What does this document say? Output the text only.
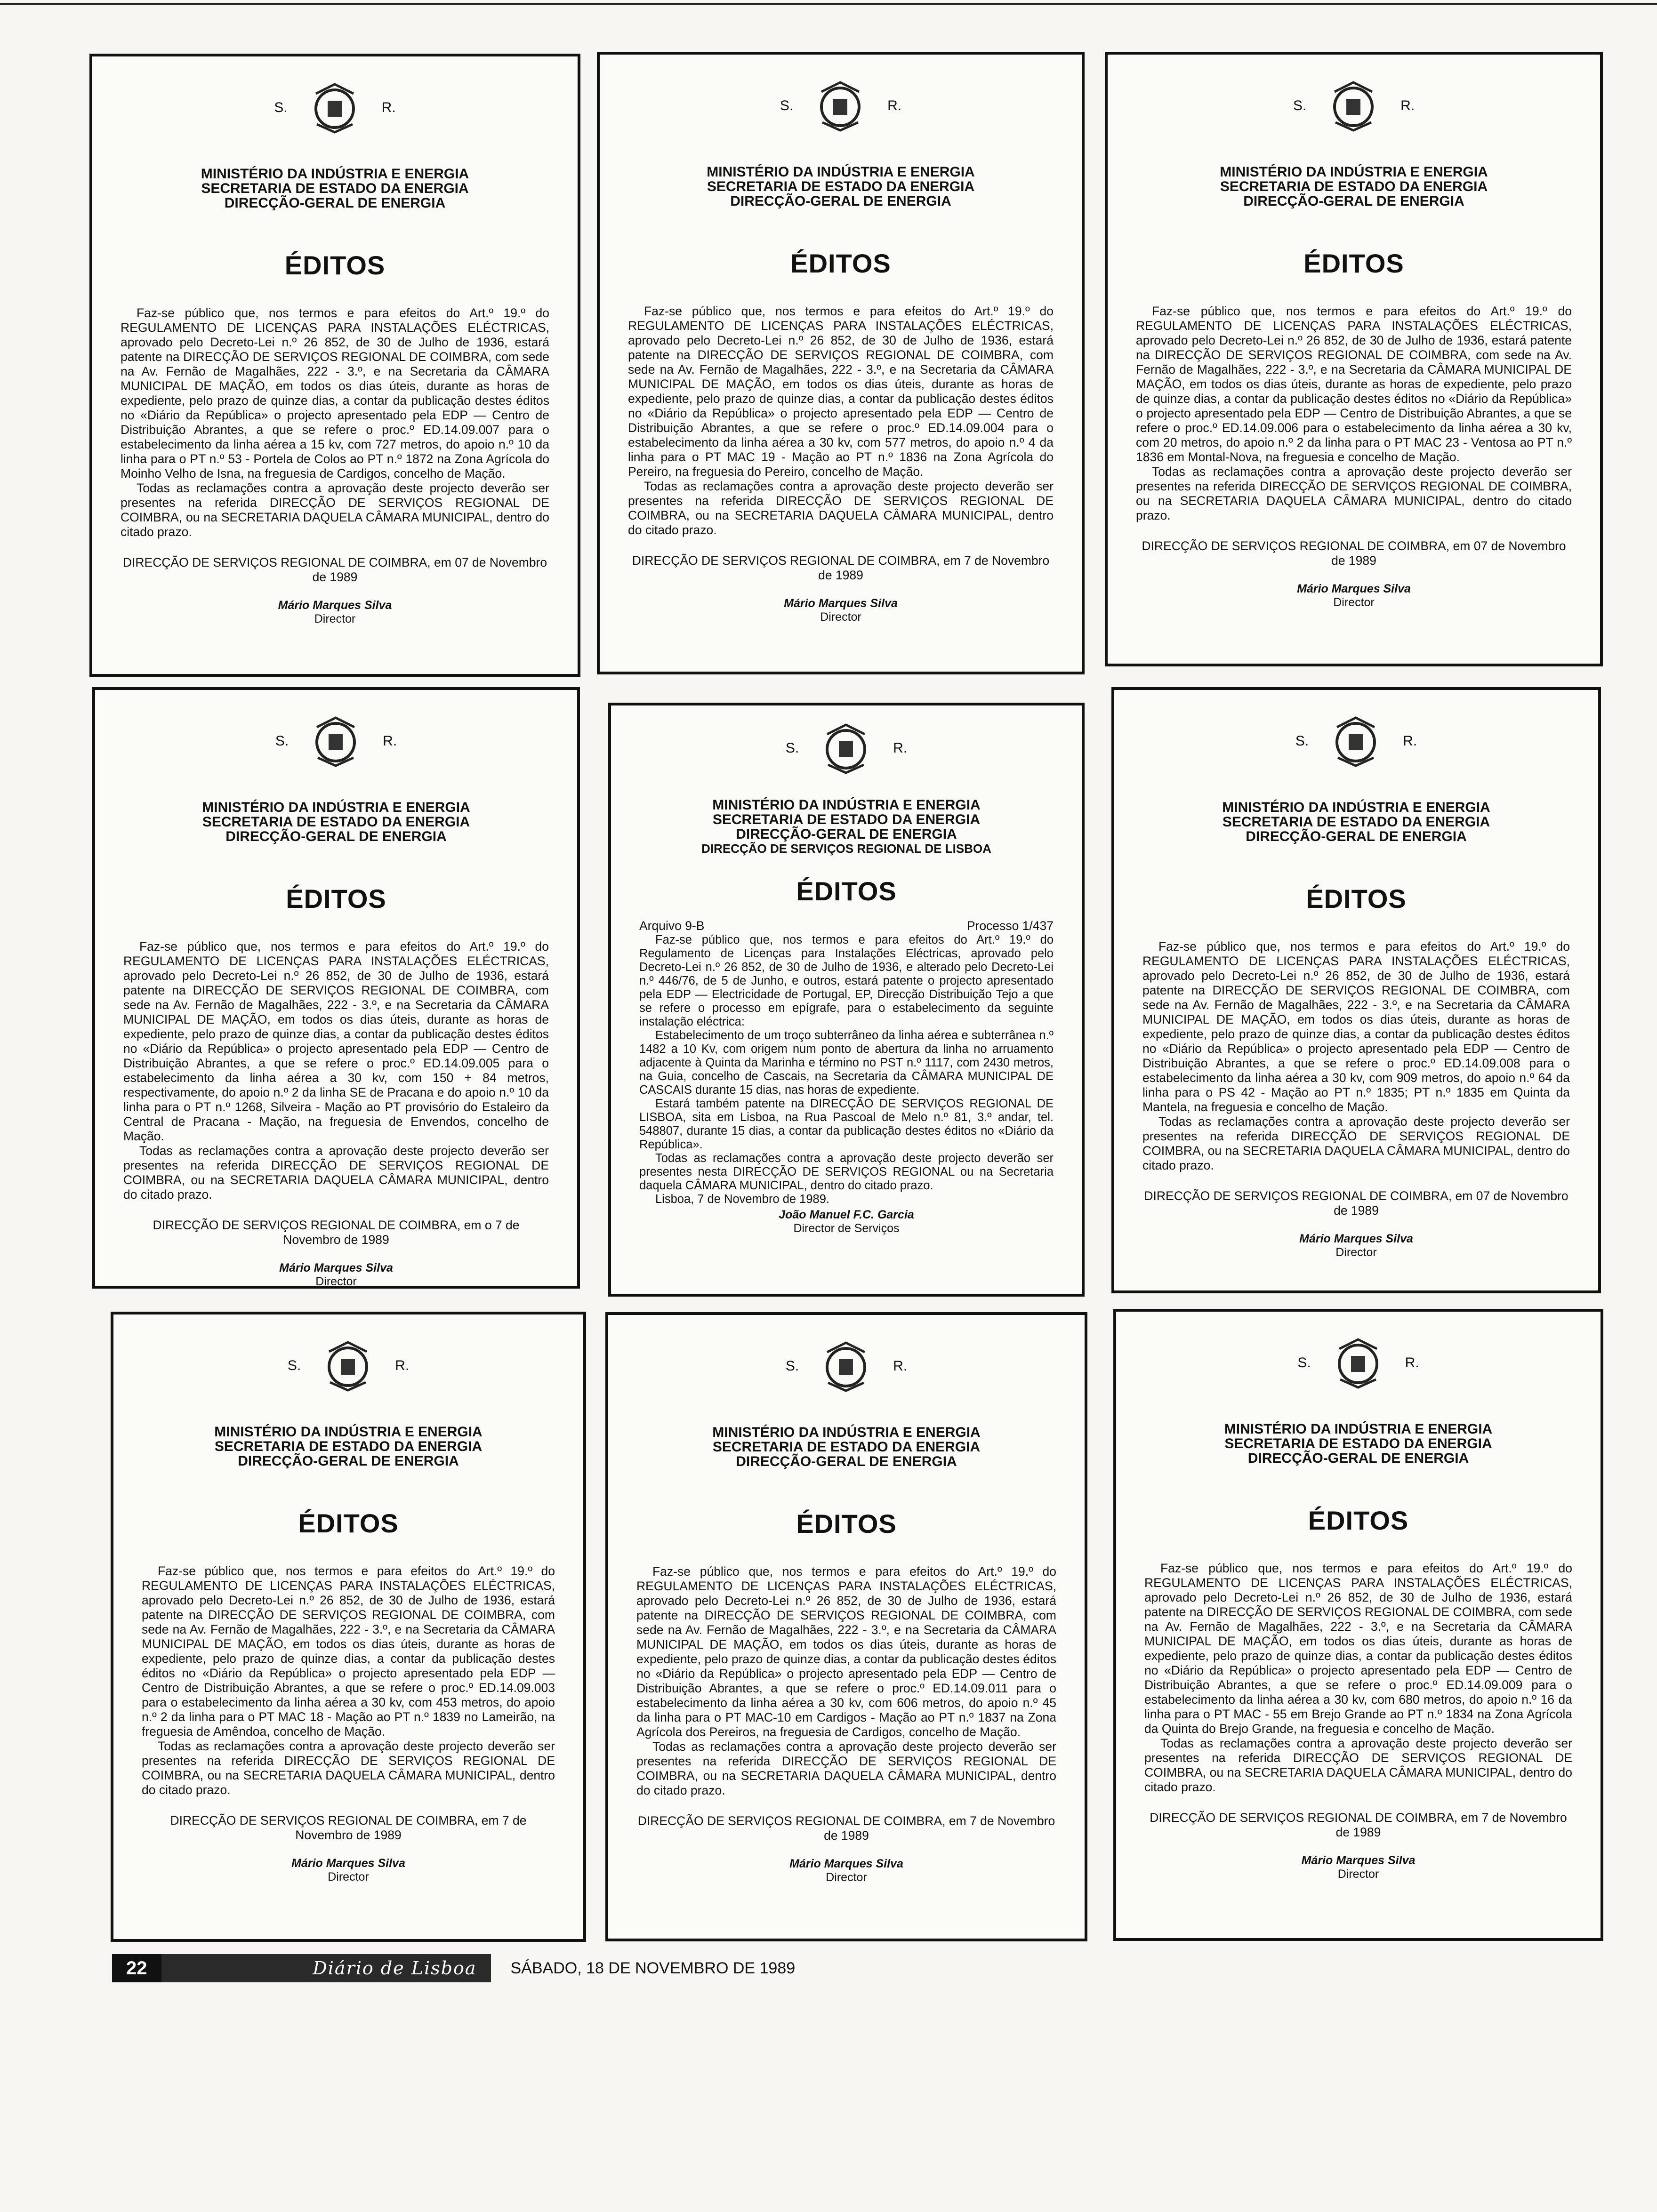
S.	R.
MINISTÉRIO DA INDÚSTRIA E ENERGIA
SECRETARIA DE ESTADO DA ENERGIA
DIRECÇÃO-GERAL DE ENERGIA
ÉDITOS

Faz-se público que, nos termos e para efeitos do Art.º 19.º do REGULAMENTO DE LICENÇAS PARA INSTALAÇÕES ELÉCTRICAS, aprovado pelo Decreto-Lei n.º 26 852, de 30 de Julho de 1936, estará patente na DIRECÇÃO DE SERVIÇOS REGIONAL DE COIMBRA, com sede na Av. Fernão de Magalhães, 222 - 3.º, e na Secretaria da CÂMARA MUNICIPAL DE MAÇÃO, em todos os dias úteis, durante as horas de expediente, pelo prazo de quinze dias, a contar da publicação destes éditos no «Diário da República» o projecto apresentado pela EDP — Centro de Distribuição Abrantes, a que se refere o proc.º ED.14.09.007 para o estabelecimento da linha aérea a 15 kv, com 727 metros, do apoio n.º 10 da linha para o PT n.º 53 - Portela de Colos ao PT n.º 1872 na Zona Agrícola do Moinho Velho de Isna, na freguesia de Cardigos, concelho de Mação.

Todas as reclamações contra a aprovação deste projecto deverão ser presentes na referida DIRECÇÃO DE SERVIÇOS REGIONAL DE COIMBRA, ou na SECRETARIA DAQUELA CÂMARA MUNICIPAL, dentro do citado prazo.

DIRECÇÃO DE SERVIÇOS REGIONAL DE COIMBRA, em 07 de Novembro de 1989
Mário Marques Silva
Director
S.	R.
MINISTÉRIO DA INDÚSTRIA E ENERGIA
SECRETARIA DE ESTADO DA ENERGIA
DIRECÇÃO-GERAL DE ENERGIA
ÉDITOS

Faz-se público que, nos termos e para efeitos do Art.º 19.º do REGULAMENTO DE LICENÇAS PARA INSTALAÇÕES ELÉCTRICAS, aprovado pelo Decreto-Lei n.º 26 852, de 30 de Julho de 1936, estará patente na DIRECÇÃO DE SERVIÇOS REGIONAL DE COIMBRA, com sede na Av. Fernão de Magalhães, 222 - 3.º, e na Secretaria da CÂMARA MUNICIPAL DE MAÇÃO, em todos os dias úteis, durante as horas de expediente, pelo prazo de quinze dias, a contar da publicação destes éditos no «Diário da República» o projecto apresentado pela EDP — Centro de Distribuição Abrantes, a que se refere o proc.º ED.14.09.004 para o estabelecimento da linha aérea a 30 kv, com 577 metros, do apoio n.º 4 da linha para o PT MAC 19 - Mação ao PT n.º 1836 na Zona Agrícola do Pereiro, na freguesia do Pereiro, concelho de Mação.

Todas as reclamações contra a aprovação deste projecto deverão ser presentes na referida DIRECÇÃO DE SERVIÇOS REGIONAL DE COIMBRA, ou na SECRETARIA DAQUELA CÂMARA MUNICIPAL, dentro do citado prazo.

DIRECÇÃO DE SERVIÇOS REGIONAL DE COIMBRA, em 7 de Novembro de 1989
Mário Marques Silva
Director
S.	R.
MINISTÉRIO DA INDÚSTRIA E ENERGIA
SECRETARIA DE ESTADO DA ENERGIA
DIRECÇÃO-GERAL DE ENERGIA
ÉDITOS

Faz-se público que, nos termos e para efeitos do Art.º 19.º do REGULAMENTO DE LICENÇAS PARA INSTALAÇÕES ELÉCTRICAS, aprovado pelo Decreto-Lei n.º 26 852, de 30 de Julho de 1936, estará patente na DIRECÇÃO DE SERVIÇOS REGIONAL DE COIMBRA, com sede na Av. Fernão de Magalhães, 222 - 3.º, e na Secretaria da CÂMARA MUNICIPAL DE MAÇÃO, em todos os dias úteis, durante as horas de expediente, pelo prazo de quinze dias, a contar da publicação destes éditos no «Diário da República» o projecto apresentado pela EDP — Centro de Distribuição Abrantes, a que se refere o proc.º ED.14.09.006 para o estabelecimento da linha aérea a 30 kv, com 20 metros, do apoio n.º 2 da linha para o PT MAC 23 - Ventosa ao PT n.º 1836 em Montal-Nova, na freguesia e concelho de Mação.

Todas as reclamações contra a aprovação deste projecto deverão ser presentes na referida DIRECÇÃO DE SERVIÇOS REGIONAL DE COIMBRA, ou na SECRETARIA DAQUELA CÂMARA MUNICIPAL, dentro do citado prazo.

DIRECÇÃO DE SERVIÇOS REGIONAL DE COIMBRA, em 07 de Novembro de 1989
Mário Marques Silva
Director
S.	R.
MINISTÉRIO DA INDÚSTRIA E ENERGIA
SECRETARIA DE ESTADO DA ENERGIA
DIRECÇÃO-GERAL DE ENERGIA
ÉDITOS

Faz-se público que, nos termos e para efeitos do Art.º 19.º do REGULAMENTO DE LICENÇAS PARA INSTALAÇÕES ELÉCTRICAS, aprovado pelo Decreto-Lei n.º 26 852, de 30 de Julho de 1936, estará patente na DIRECÇÃO DE SERVIÇOS REGIONAL DE COIMBRA, com sede na Av. Fernão de Magalhães, 222 - 3.º, e na Secretaria da CÂMARA MUNICIPAL DE MAÇÃO, em todos os dias úteis, durante as horas de expediente, pelo prazo de quinze dias, a contar da publicação destes éditos no «Diário da República» o projecto apresentado pela EDP — Centro de Distribuição Abrantes, a que se refere o proc.º ED.14.09.005 para o estabelecimento da linha aérea a 30 kv, com 150 + 84 metros, respectivamente, do apoio n.º 2 da linha SE de Pracana e do apoio n.º 10 da linha para o PT n.º 1268, Silveira - Mação ao PT provisório do Estaleiro da Central de Pracana - Mação, na freguesia de Envendos, concelho de Mação.

Todas as reclamações contra a aprovação deste projecto deverão ser presentes na referida DIRECÇÃO DE SERVIÇOS REGIONAL DE COIMBRA, ou na SECRETARIA DAQUELA CÂMARA MUNICIPAL, dentro do citado prazo.

DIRECÇÃO DE SERVIÇOS REGIONAL DE COIMBRA, em o 7 de Novembro de 1989
Mário Marques Silva
Director
S.	R.
MINISTÉRIO DA INDÚSTRIA E ENERGIA
SECRETARIA DE ESTADO DA ENERGIA
DIRECÇÃO-GERAL DE ENERGIA
DIRECÇÃO DE SERVIÇOS REGIONAL DE LISBOA
ÉDITOS
Arquivo 9-B	Processo 1/437

Faz-se público que, nos termos e para efeitos do Art.º 19.º do Regulamento de Licenças para Instalações Eléctricas, aprovado pelo Decreto-Lei n.º 26 852, de 30 de Julho de 1936, e alterado pelo Decreto-Lei n.º 446/76, de 5 de Junho, e outros, estará patente o projecto apresentado pela EDP — Electricidade de Portugal, EP, Direcção Distribuição Tejo a que se refere o processo em epígrafe, para o estabelecimento da seguinte instalação eléctrica:

Estabelecimento de um troço subterrâneo da linha aérea e subterrânea n.º 1482 a 10 Kv, com origem num ponto de abertura da linha no arruamento adjacente à Quinta da Marinha e término no PST n.º 1117, com 2430 metros, na Guia, concelho de Cascais, na Secretaria da CÂMARA MUNICIPAL DE CASCAIS durante 15 dias, nas horas de expediente.

Estará também patente na DIRECÇÃO DE SERVIÇOS REGIONAL DE LISBOA, sita em Lisboa, na Rua Pascoal de Melo n.º 81, 3.º andar, tel. 548807, durante 15 dias, a contar da publicação destes éditos no «Diário da República».

Todas as reclamações contra a aprovação deste projecto deverão ser presentes nesta DIRECÇÃO DE SERVIÇOS REGIONAL ou na Secretaria daquela CÂMARA MUNICIPAL, dentro do citado prazo.

Lisboa, 7 de Novembro de 1989.

João Manuel F.C. Garcia
Director de Serviços
S.	R.
MINISTÉRIO DA INDÚSTRIA E ENERGIA
SECRETARIA DE ESTADO DA ENERGIA
DIRECÇÃO-GERAL DE ENERGIA
ÉDITOS

Faz-se público que, nos termos e para efeitos do Art.º 19.º do REGULAMENTO DE LICENÇAS PARA INSTALAÇÕES ELÉCTRICAS, aprovado pelo Decreto-Lei n.º 26 852, de 30 de Julho de 1936, estará patente na DIRECÇÃO DE SERVIÇOS REGIONAL DE COIMBRA, com sede na Av. Fernão de Magalhães, 222 - 3.º, e na Secretaria da CÂMARA MUNICIPAL DE MAÇÃO, em todos os dias úteis, durante as horas de expediente, pelo prazo de quinze dias, a contar da publicação destes éditos no «Diário da República» o projecto apresentado pela EDP — Centro de Distribuição Abrantes, a que se refere o proc.º ED.14.09.008 para o estabelecimento da linha aérea a 30 kv, com 909 metros, do apoio n.º 64 da linha para o PS 42 - Mação ao PT n.º 1835; PT n.º 1835 em Quinta da Mantela, na freguesia e concelho de Mação.

Todas as reclamações contra a aprovação deste projecto deverão ser presentes na referida DIRECÇÃO DE SERVIÇOS REGIONAL DE COIMBRA, ou na SECRETARIA DAQUELA CÂMARA MUNICIPAL, dentro do citado prazo.

DIRECÇÃO DE SERVIÇOS REGIONAL DE COIMBRA, em 07 de Novembro de 1989
Mário Marques Silva
Director
S.	R.
MINISTÉRIO DA INDÚSTRIA E ENERGIA
SECRETARIA DE ESTADO DA ENERGIA
DIRECÇÃO-GERAL DE ENERGIA
ÉDITOS

Faz-se público que, nos termos e para efeitos do Art.º 19.º do REGULAMENTO DE LICENÇAS PARA INSTALAÇÕES ELÉCTRICAS, aprovado pelo Decreto-Lei n.º 26 852, de 30 de Julho de 1936, estará patente na DIRECÇÃO DE SERVIÇOS REGIONAL DE COIMBRA, com sede na Av. Fernão de Magalhães, 222 - 3.º, e na Secretaria da CÂMARA MUNICIPAL DE MAÇÃO, em todos os dias úteis, durante as horas de expediente, pelo prazo de quinze dias, a contar da publicação destes éditos no «Diário da República» o projecto apresentado pela EDP — Centro de Distribuição Abrantes, a que se refere o proc.º ED.14.09.003 para o estabelecimento da linha aérea a 30 kv, com 453 metros, do apoio n.º 2 da linha para o PT MAC 18 - Mação ao PT n.º 1839 no Lameirão, na freguesia de Amêndoa, concelho de Mação.

Todas as reclamações contra a aprovação deste projecto deverão ser presentes na referida DIRECÇÃO DE SERVIÇOS REGIONAL DE COIMBRA, ou na SECRETARIA DAQUELA CÂMARA MUNICIPAL, dentro do citado prazo.

DIRECÇÃO DE SERVIÇOS REGIONAL DE COIMBRA, em 7 de Novembro de 1989
Mário Marques Silva
Director
S.	R.
MINISTÉRIO DA INDÚSTRIA E ENERGIA
SECRETARIA DE ESTADO DA ENERGIA
DIRECÇÃO-GERAL DE ENERGIA
ÉDITOS

Faz-se público que, nos termos e para efeitos do Art.º 19.º do REGULAMENTO DE LICENÇAS PARA INSTALAÇÕES ELÉCTRICAS, aprovado pelo Decreto-Lei n.º 26 852, de 30 de Julho de 1936, estará patente na DIRECÇÃO DE SERVIÇOS REGIONAL DE COIMBRA, com sede na Av. Fernão de Magalhães, 222 - 3.º, e na Secretaria da CÂMARA MUNICIPAL DE MAÇÃO, em todos os dias úteis, durante as horas de expediente, pelo prazo de quinze dias, a contar da publicação destes éditos no «Diário da República» o projecto apresentado pela EDP — Centro de Distribuição Abrantes, a que se refere o proc.º ED.14.09.011 para o estabelecimento da linha aérea a 30 kv, com 606 metros, do apoio n.º 45 da linha para o PT MAC-10 em Cardigos - Mação ao PT n.º 1837 na Zona Agrícola dos Pereiros, na freguesia de Cardigos, concelho de Mação.

Todas as reclamações contra a aprovação deste projecto deverão ser presentes na referida DIRECÇÃO DE SERVIÇOS REGIONAL DE COIMBRA, ou na SECRETARIA DAQUELA CÂMARA MUNICIPAL, dentro do citado prazo.

DIRECÇÃO DE SERVIÇOS REGIONAL DE COIMBRA, em 7 de Novembro de 1989
Mário Marques Silva
Director
S.	R.
MINISTÉRIO DA INDÚSTRIA E ENERGIA
SECRETARIA DE ESTADO DA ENERGIA
DIRECÇÃO-GERAL DE ENERGIA
ÉDITOS

Faz-se público que, nos termos e para efeitos do Art.º 19.º do REGULAMENTO DE LICENÇAS PARA INSTALAÇÕES ELÉCTRICAS, aprovado pelo Decreto-Lei n.º 26 852, de 30 de Julho de 1936, estará patente na DIRECÇÃO DE SERVIÇOS REGIONAL DE COIMBRA, com sede na Av. Fernão de Magalhães, 222 - 3.º, e na Secretaria da CÂMARA MUNICIPAL DE MAÇÃO, em todos os dias úteis, durante as horas de expediente, pelo prazo de quinze dias, a contar da publicação destes éditos no «Diário da República» o projecto apresentado pela EDP — Centro de Distribuição Abrantes, a que se refere o proc.º ED.14.09.009 para o estabelecimento da linha aérea a 30 kv, com 680 metros, do apoio n.º 16 da linha para o PT MAC - 55 em Brejo Grande ao PT n.º 1834 na Zona Agrícola da Quinta do Brejo Grande, na freguesia e concelho de Mação.

Todas as reclamações contra a aprovação deste projecto deverão ser presentes na referida DIRECÇÃO DE SERVIÇOS REGIONAL DE COIMBRA, ou na SECRETARIA DAQUELA CÂMARA MUNICIPAL, dentro do citado prazo.

DIRECÇÃO DE SERVIÇOS REGIONAL DE COIMBRA, em 7 de Novembro de 1989
Mário Marques Silva
Director
22	Diário de Lisboa	SÁBADO, 18 DE NOVEMBRO DE 1989
